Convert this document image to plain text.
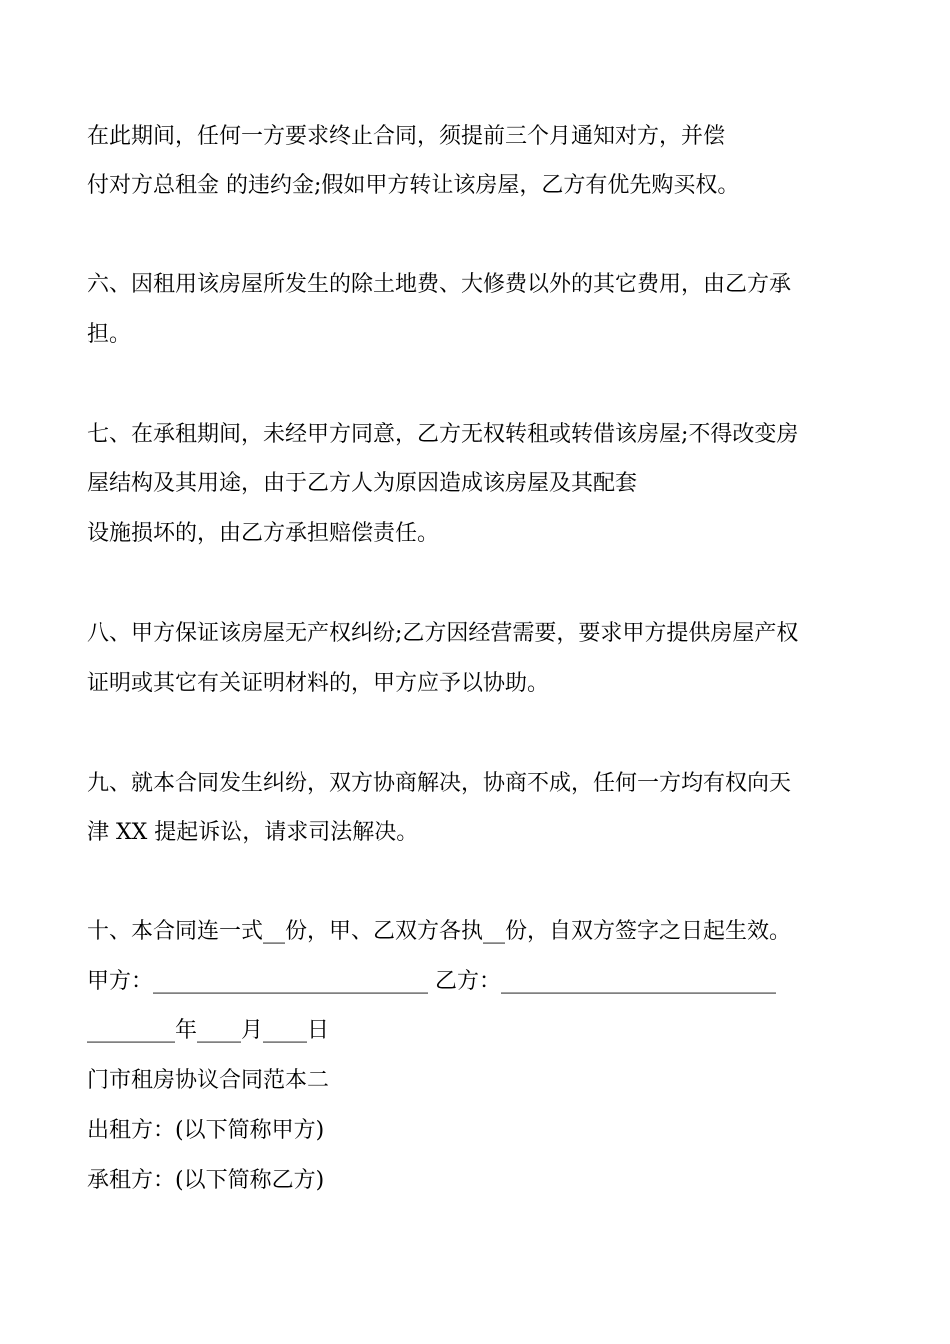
在此期间，任何一方要求终止合同，须提前三个月通知对方，并偿

付对方总租金 的违约金;假如甲方转让该房屋，乙方有优先购买权。

六、因租用该房屋所发生的除土地费、大修费以外的其它费用，由乙方承

担。

七、在承租期间，未经甲方同意，乙方无权转租或转借该房屋;不得改变房

屋结构及其用途，由于乙方人为原因造成该房屋及其配套

设施损坏的，由乙方承担赔偿责任。

八、甲方保证该房屋无产权纠纷;乙方因经营需要，要求甲方提供房屋产权

证明或其它有关证明材料的，甲方应予以协助。

九、就本合同发生纠纷，双方协商解决，协商不成，任何一方均有权向天

津 XX 提起诉讼，请求司法解决。

十、本合同连一式__份，甲、乙双方各执__份，自双方签字之日起生效。

甲方：_________________________ 乙方：_________________________

________年____月____日

门市租房协议合同范本二

出租方：(以下简称甲方)

承租方：(以下简称乙方)
